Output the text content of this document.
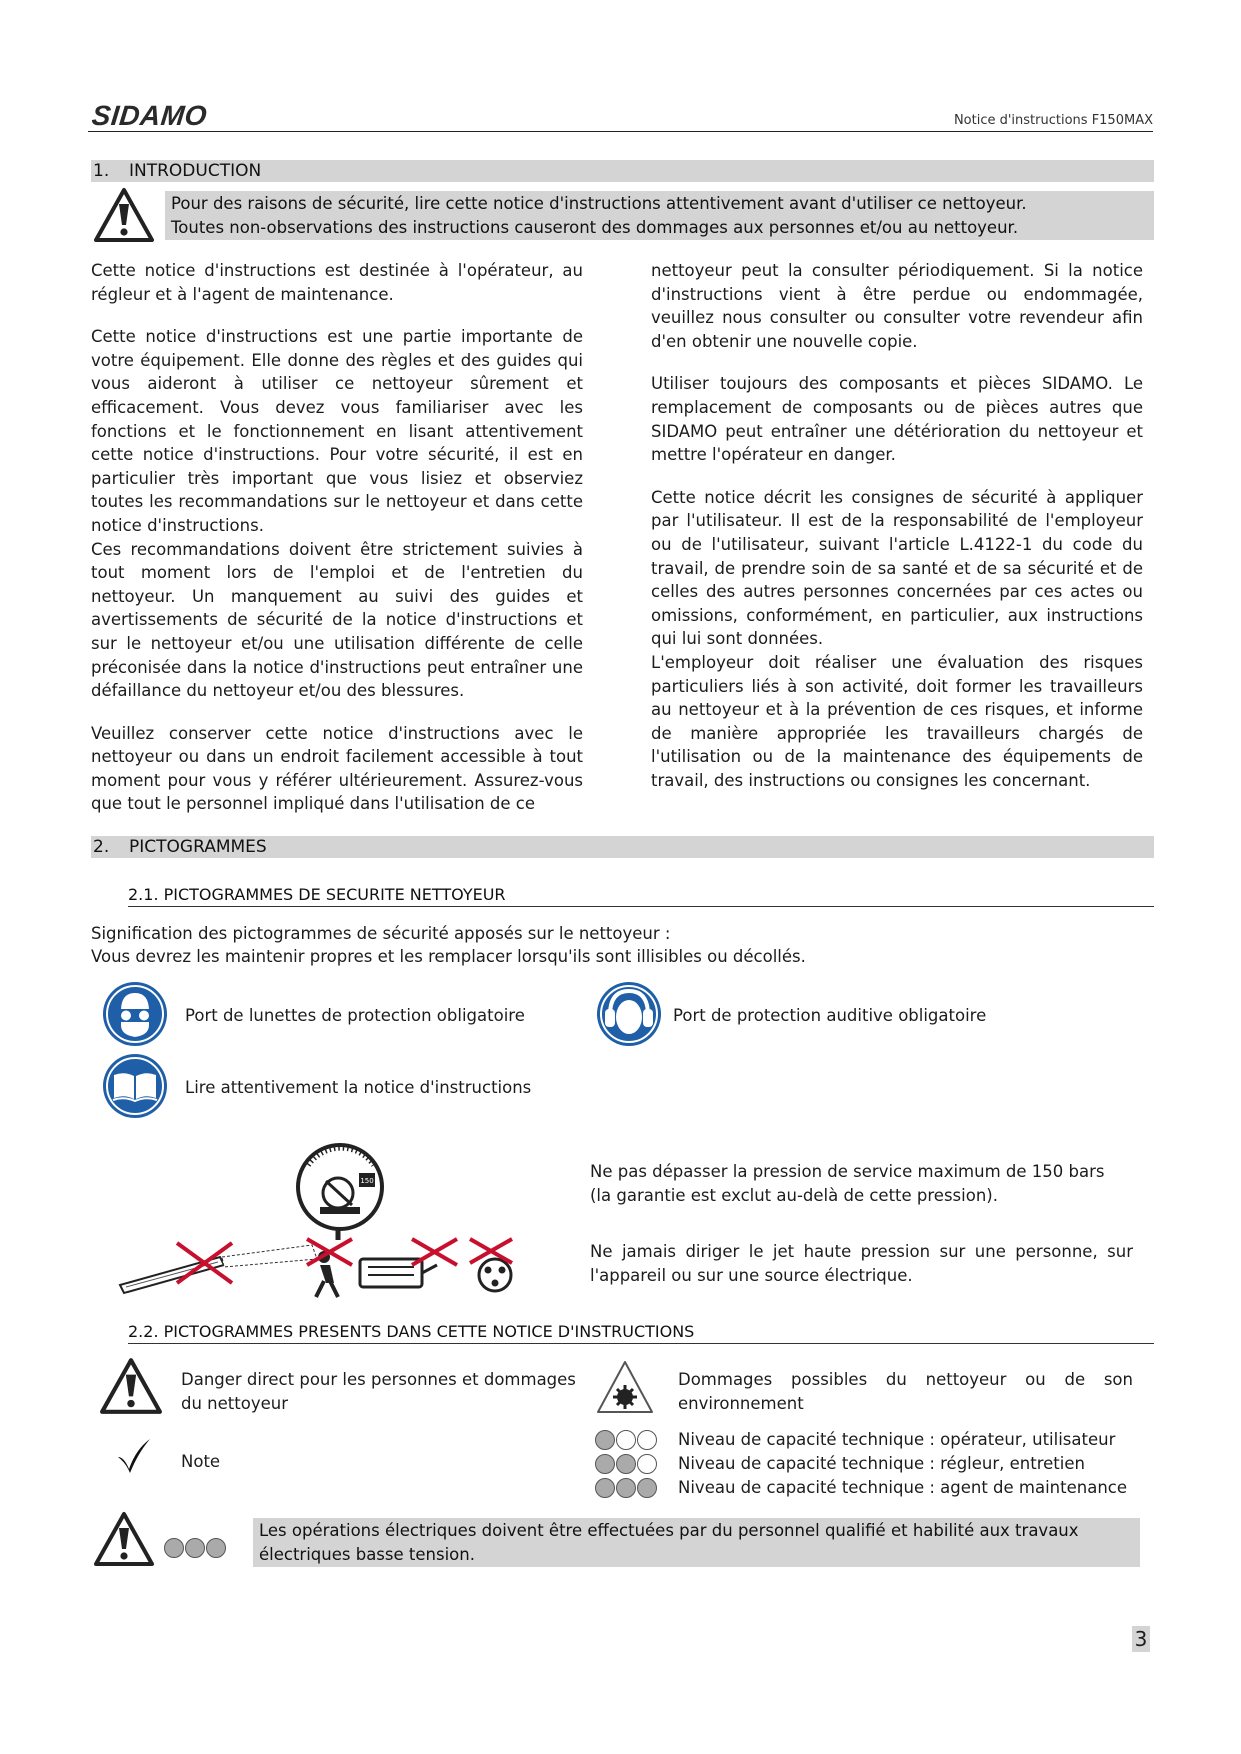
SIDAMO	Notice d'instructions F150MAX
1. INTRODUCTION
Pour des raisons de sécurité, lire cette notice d'instructions attentivement avant d'utiliser ce nettoyeur.
Toutes non-observations des instructions causeront des dommages aux personnes et/ou au nettoyeur.

Cette notice d'instructions est destinée à l'opérateur, au régleur et à l'agent de maintenance.

Cette notice d'instructions est une partie importante de votre équipement. Elle donne des règles et des guides qui vous aideront à utiliser ce nettoyeur sûrement et efficacement. Vous devez vous familiariser avec les fonctions et le fonctionnement en lisant attentivement cette notice d'instructions. Pour votre sécurité, il est en particulier très important que vous lisiez et observiez toutes les recommandations sur le nettoyeur et dans cette notice d'instructions.

Ces recommandations doivent être strictement suivies à tout moment lors de l'emploi et de l'entretien du nettoyeur. Un manquement au suivi des guides et avertissements de sécurité de la notice d'instructions et sur le nettoyeur et/ou une utilisation différente de celle préconisée dans la notice d'instructions peut entraîner une défaillance du nettoyeur et/ou des blessures.

Veuillez conserver cette notice d'instructions avec le nettoyeur ou dans un endroit facilement accessible à tout moment pour vous y référer ultérieurement. Assurez-vous que tout le personnel impliqué dans l'utilisation de ce

nettoyeur peut la consulter périodiquement. Si la notice d'instructions vient à être perdue ou endommagée, veuillez nous consulter ou consulter votre revendeur afin d'en obtenir une nouvelle copie.

Utiliser toujours des composants et pièces SIDAMO. Le remplacement de composants ou de pièces autres que SIDAMO peut entraîner une détérioration du nettoyeur et mettre l'opérateur en danger.

Cette notice décrit les consignes de sécurité à appliquer par l'utilisateur. Il est de la responsabilité de l'employeur ou de l'utilisateur, suivant l'article L.4122-1 du code du travail, de prendre soin de sa santé et de sa sécurité et de celles des autres personnes concernées par ces actes ou omissions, conformément, en particulier, aux instructions qui lui sont données.

L'employeur doit réaliser une évaluation des risques particuliers liés à son activité, doit former les travailleurs au nettoyeur et à la prévention de ces risques, et informe de manière appropriée les travailleurs chargés de l'utilisation ou de la maintenance des équipements de travail, des instructions ou consignes les concernant.

2. PICTOGRAMMES
2.1. PICTOGRAMMES DE SECURITE NETTOYEUR
Signification des pictogrammes de sécurité apposés sur le nettoyeur :
Vous devrez les maintenir propres et les remplacer lorsqu'ils sont illisibles ou décollés.
Port de lunettes de protection obligatoire	Port de protection auditive obligatoire
Lire attentivement la notice d'instructions
150	Ne pas dépasser la pression de service maximum de 150 bars
(la garantie est exclut au-delà de cette pression).
Ne jamais diriger le jet haute pression sur une personne, sur l'appareil ou sur une source électrique.
2.2. PICTOGRAMMES PRESENTS DANS CETTE NOTICE D'INSTRUCTIONS
Danger direct pour les personnes et dommages du nettoyeur
Dommages possibles du nettoyeur ou de son environnement
Note
Niveau de capacité technique : opérateur, utilisateur
Niveau de capacité technique : régleur, entretien
Niveau de capacité technique : agent de maintenance
Les opérations électriques doivent être effectuées par du personnel qualifié et habilité aux travaux électriques basse tension.
3
